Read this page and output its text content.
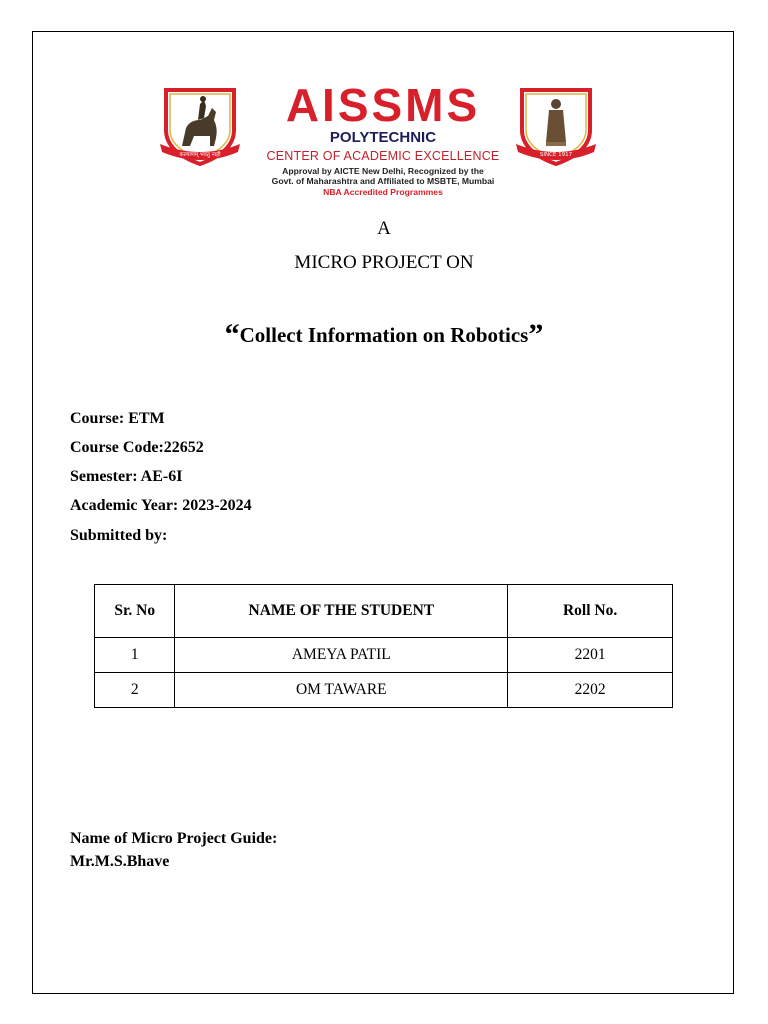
कल्याणम् भवतु नाही
AISSMS
POLYTECHNIC
CENTER OF ACADEMIC EXCELLENCE
Approval by AICTE New Delhi, Recognized by the
Govt. of Maharashtra and Affiliated to MSBTE, Mumbai
NBA Accredited Programmes
SINCE 1917
A
MICRO PROJECT ON
“Collect Information on Robotics”
Course: ETM
Course Code:22652
Semester: AE-6I
Academic Year: 2023-2024
Submitted by:
Sr. No	NAME OF THE STUDENT	Roll No.
1	AMEYA PATIL	2201
2	OM TAWARE	2202
Name of Micro Project Guide:
Mr.M.S.Bhave
